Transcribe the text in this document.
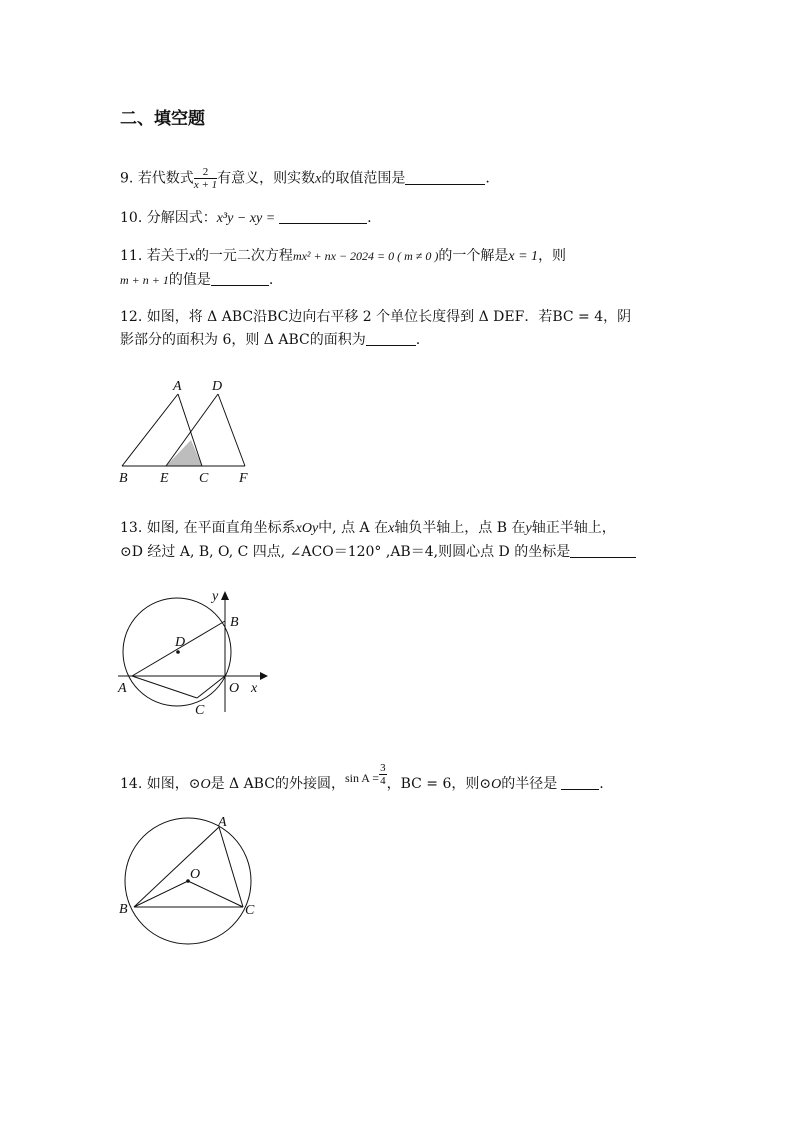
二、填空题
9. 若代数式 $\frac{2}{x + 1}$ 有意义，则实数x的取值范围是	.
10. 分解因式：x³y − xy =	.
11. 若关于x的一元二次方程mx² + nx − 2024 = 0 ( m ≠ 0 )的一个解是x = 1，则
m + n + 1的值是	.
12. 如图，将 Δ ABC沿BC边向右平移 2 个单位长度得到 Δ DEF．若BC = 4，阴
影部分的面积为 6，则 Δ ABC的面积为	.
A D
B E C F
13. 如图, 在平面直角坐标系xOy中, 点 A 在x轴负半轴上，点 B 在y轴正半轴上，
⊙D 经过 A, B, O, C 四点, ∠ACO＝120° ,AB＝4,则圆心点 D 的坐标是
y
B
D
A	O x
C
14. 如图，⊙O是 Δ ABC的外接圆，$\sin A = \frac{3}{4}$ ，BC = 6，则⊙O的半径是	.
A
O
B	C
